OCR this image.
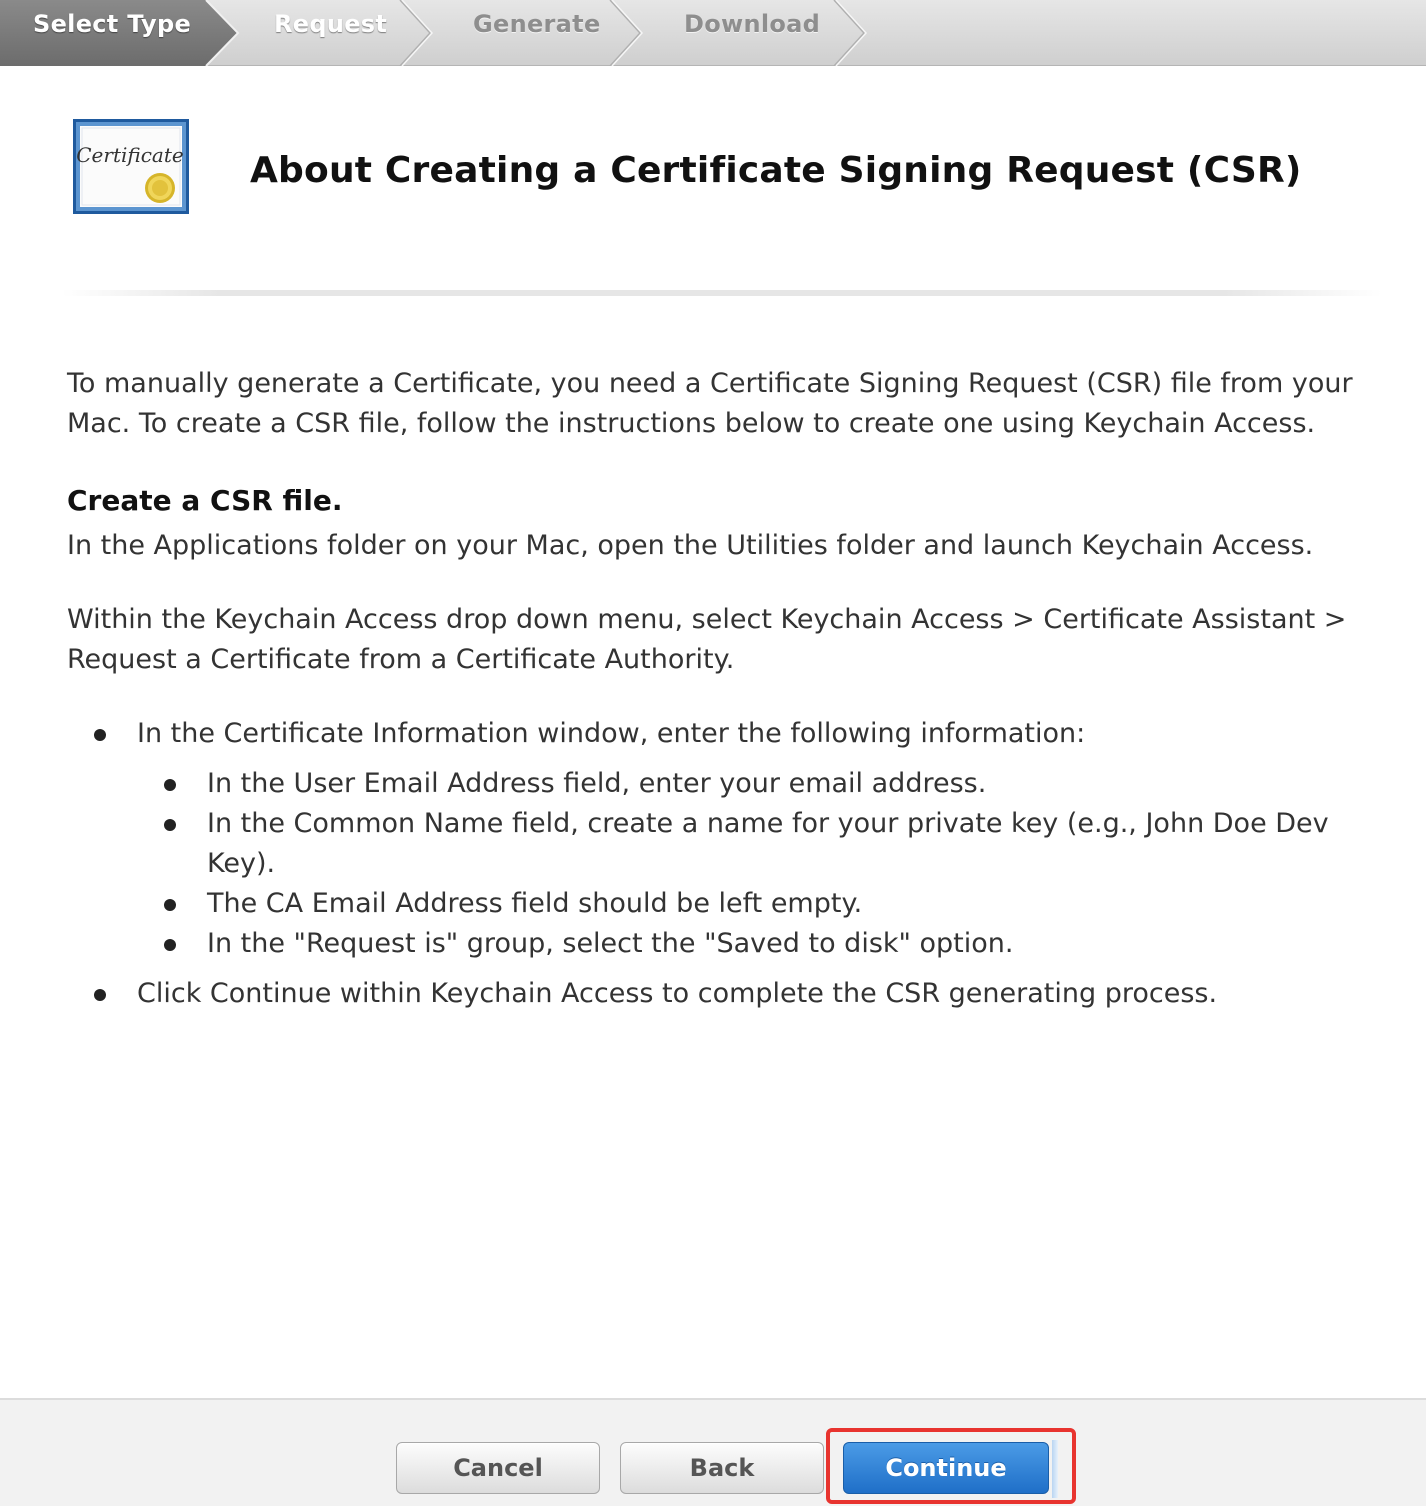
Select Type	Request	Generate	Download
Certificate About Creating a Certificate Signing Request (CSR)

To manually generate a Certificate, you need a Certificate Signing Request (CSR) file from your Mac. To create a CSR file, follow the instructions below to create one using Keychain Access.

Create a CSR file.

In the Applications folder on your Mac, open the Utilities folder and launch Keychain Access.

Within the Keychain Access drop down menu, select Keychain Access > Certificate Assistant > Request a Certificate from a Certificate Authority.

In the Certificate Information window, enter the following information:
In the User Email Address field, enter your email address.
In the Common Name field, create a name for your private key (e.g., John Doe Dev Key).
The CA Email Address field should be left empty.
In the "Request is" group, select the "Saved to disk" option.
Click Continue within Keychain Access to complete the CSR generating process.
Cancel	Back	Continue
